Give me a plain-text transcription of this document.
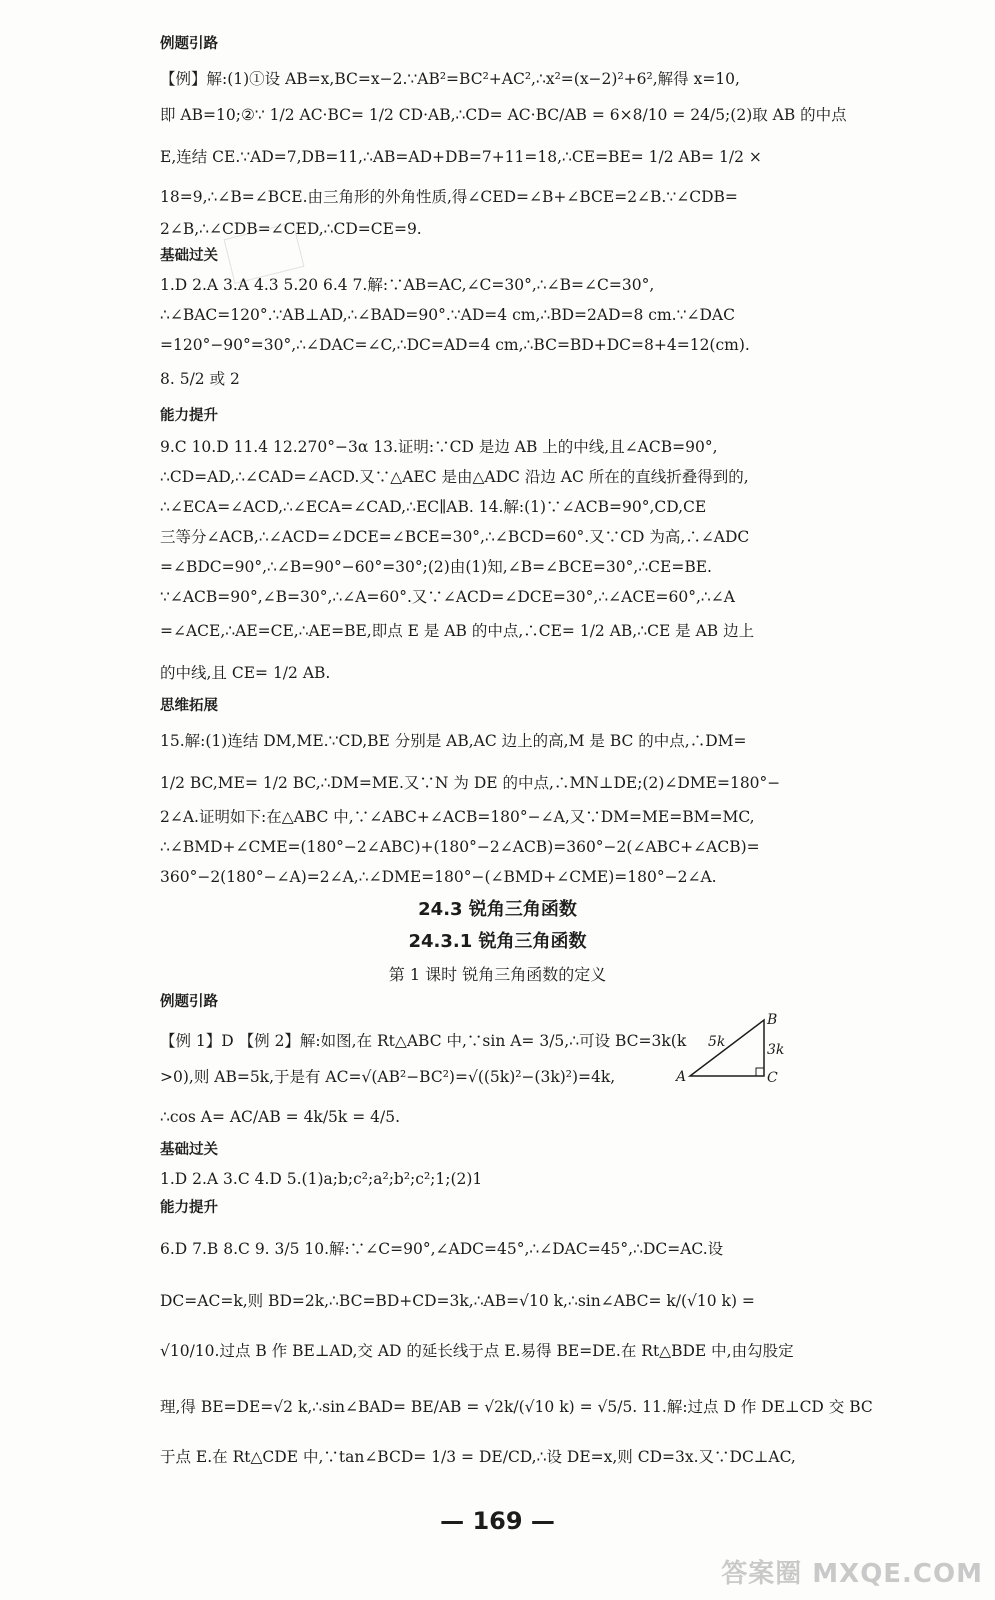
例题引路
【例】解:(1)①设 AB=x,BC=x−2.∵AB²=BC²+AC²,∴x²=(x−2)²+6²,解得 x=10,
即 AB=10;②∵ 1/2 AC·BC= 1/2 CD·AB,∴CD= AC·BC/AB = 6×8/10 = 24/5;(2)取 AB 的中点
E,连结 CE.∵AD=7,DB=11,∴AB=AD+DB=7+11=18,∴CE=BE= 1/2 AB= 1/2 ×
18=9,∴∠B=∠BCE.由三角形的外角性质,得∠CED=∠B+∠BCE=2∠B.∵∠CDB=
2∠B,∴∠CDB=∠CED,∴CD=CE=9.
基础过关
1.D 2.A 3.A 4.3 5.20 6.4 7.解:∵AB=AC,∠C=30°,∴∠B=∠C=30°,
∴∠BAC=120°.∵AB⊥AD,∴∠BAD=90°.∵AD=4 cm,∴BD=2AD=8 cm.∵∠DAC
=120°−90°=30°,∴∠DAC=∠C,∴DC=AD=4 cm,∴BC=BD+DC=8+4=12(cm).
8. 5/2 或 2
能力提升
9.C 10.D 11.4 12.270°−3α 13.证明:∵CD 是边 AB 上的中线,且∠ACB=90°,
∴CD=AD,∴∠CAD=∠ACD.又∵△AEC 是由△ADC 沿边 AC 所在的直线折叠得到的,
∴∠ECA=∠ACD,∴∠ECA=∠CAD,∴EC∥AB. 14.解:(1)∵∠ACB=90°,CD,CE
三等分∠ACB,∴∠ACD=∠DCE=∠BCE=30°,∴∠BCD=60°.又∵CD 为高,∴∠ADC
=∠BDC=90°,∴∠B=90°−60°=30°;(2)由(1)知,∠B=∠BCE=30°,∴CE=BE.
∵∠ACB=90°,∠B=30°,∴∠A=60°.又∵∠ACD=∠DCE=30°,∴∠ACE=60°,∴∠A
=∠ACE,∴AE=CE,∴AE=BE,即点 E 是 AB 的中点,∴CE= 1/2 AB,∴CE 是 AB 边上
的中线,且 CE= 1/2 AB.
思维拓展
15.解:(1)连结 DM,ME.∵CD,BE 分别是 AB,AC 边上的高,M 是 BC 的中点,∴DM=
1/2 BC,ME= 1/2 BC,∴DM=ME.又∵N 为 DE 的中点,∴MN⊥DE;(2)∠DME=180°−
2∠A.证明如下:在△ABC 中,∵∠ABC+∠ACB=180°−∠A,又∵DM=ME=BM=MC,
∴∠BMD+∠CME=(180°−2∠ABC)+(180°−2∠ACB)=360°−2(∠ABC+∠ACB)=
360°−2(180°−∠A)=2∠A,∴∠DME=180°−(∠BMD+∠CME)=180°−2∠A.
24.3 锐角三角函数
24.3.1 锐角三角函数
第 1 课时 锐角三角函数的定义
例题引路
【例 1】D 【例 2】解:如图,在 Rt△ABC 中,∵sin A= 3/5,∴可设 BC=3k(k
>0),则 AB=5k,于是有 AC=√(AB²−BC²)=√((5k)²−(3k)²)=4k,
∴cos A= AC/AB = 4k/5k = 4/5.
A
B
C
5k	3k
基础过关
1.D 2.A 3.C 4.D 5.(1)a;b;c²;a²;b²;c²;1;(2)1
能力提升
6.D 7.B 8.C 9. 3/5 10.解:∵∠C=90°,∠ADC=45°,∴∠DAC=45°,∴DC=AC.设
DC=AC=k,则 BD=2k,∴BC=BD+CD=3k,∴AB=√10 k,∴sin∠ABC= k/(√10 k) =
√10/10.过点 B 作 BE⊥AD,交 AD 的延长线于点 E.易得 BE=DE.在 Rt△BDE 中,由勾股定
理,得 BE=DE=√2 k,∴sin∠BAD= BE/AB = √2k/(√10 k) = √5/5. 11.解:过点 D 作 DE⊥CD 交 BC
于点 E.在 Rt△CDE 中,∵tan∠BCD= 1/3 = DE/CD,∴设 DE=x,则 CD=3x.又∵DC⊥AC,
— 169 —
答案圈 MXQE.COM
